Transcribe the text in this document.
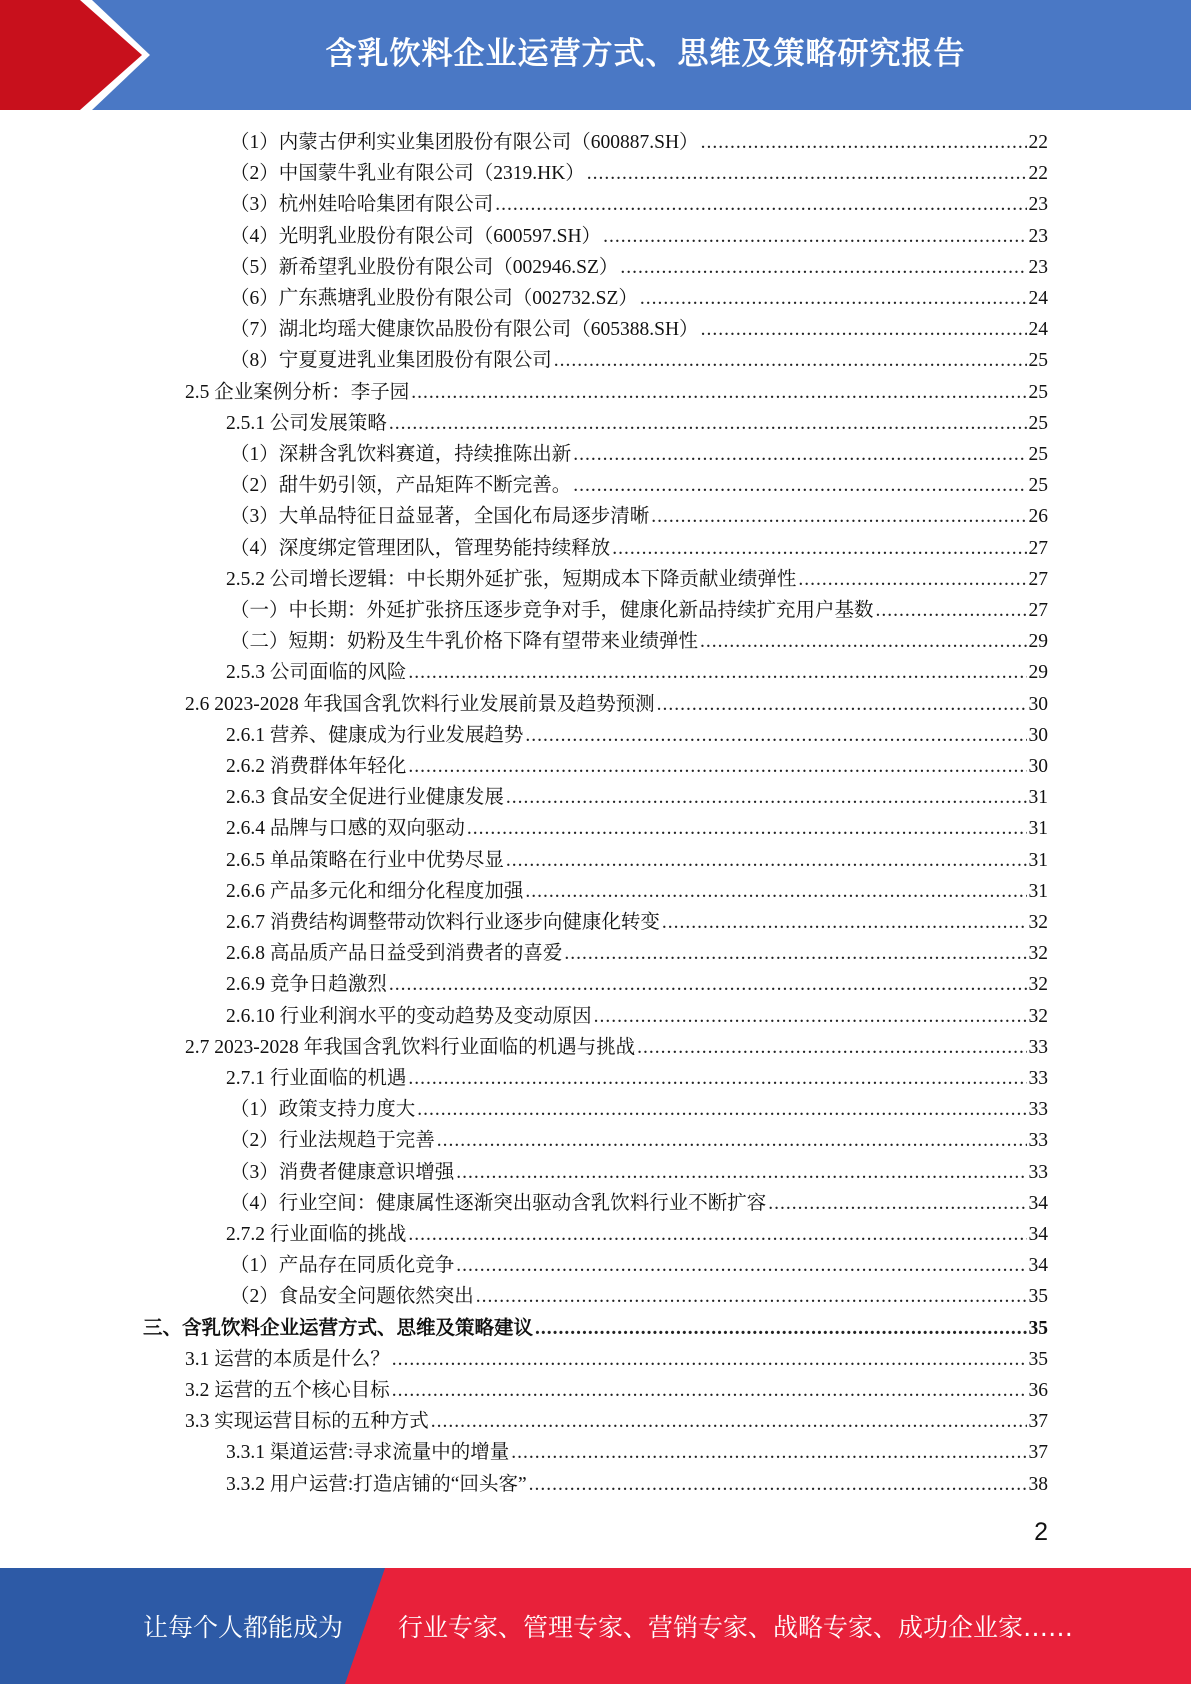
含乳饮料企业运营方式、思维及策略研究报告
（1）内蒙古伊利实业集团股份有限公司（600887.SH） .....	22
（2）中国蒙牛乳业有限公司（2319.HK） .....	22
（3）杭州娃哈哈集团有限公司 .....	23
（4）光明乳业股份有限公司（600597.SH） .....	23
（5）新希望乳业股份有限公司（002946.SZ） .....	23
（6）广东燕塘乳业股份有限公司（002732.SZ） .....	24
（7）湖北均瑶大健康饮品股份有限公司（605388.SH） .....	24
（8）宁夏夏进乳业集团股份有限公司 .....	25
2.5 企业案例分析：李子园 .....	25
2.5.1 公司发展策略 .....	25
（1）深耕含乳饮料赛道，持续推陈出新 .....	25
（2）甜牛奶引领，产品矩阵不断完善。 .....	25
（3）大单品特征日益显著，全国化布局逐步清晰 .....	26
（4）深度绑定管理团队，管理势能持续释放 .....	27
2.5.2 公司增长逻辑：中长期外延扩张，短期成本下降贡献业绩弹性 .....	27
（一）中长期：外延扩张挤压逐步竞争对手，健康化新品持续扩充用户基数 .....	27
（二）短期：奶粉及生牛乳价格下降有望带来业绩弹性 .....	29
2.5.3 公司面临的风险 .....	29
2.6 2023-2028 年我国含乳饮料行业发展前景及趋势预测 .....	30
2.6.1 营养、健康成为行业发展趋势 .....	30
2.6.2 消费群体年轻化 .....	30
2.6.3 食品安全促进行业健康发展 .....	31
2.6.4 品牌与口感的双向驱动 .....	31
2.6.5 单品策略在行业中优势尽显 .....	31
2.6.6 产品多元化和细分化程度加强 .....	31
2.6.7 消费结构调整带动饮料行业逐步向健康化转变 .....	32
2.6.8 高品质产品日益受到消费者的喜爱 .....	32
2.6.9 竞争日趋激烈 .....	32
2.6.10 行业利润水平的变动趋势及变动原因 .....	32
2.7 2023-2028 年我国含乳饮料行业面临的机遇与挑战 .....	33
2.7.1 行业面临的机遇 .....	33
（1）政策支持力度大 .....	33
（2）行业法规趋于完善 .....	33
（3）消费者健康意识增强 .....	33
（4）行业空间：健康属性逐渐突出驱动含乳饮料行业不断扩容 .....	34
2.7.2 行业面临的挑战 .....	34
（1）产品存在同质化竞争 .....	34
（2）食品安全问题依然突出 .....	35
三、含乳饮料企业运营方式、思维及策略建议 .....	35
3.1 运营的本质是什么？ .....	35
3.2 运营的五个核心目标 .....	36
3.3 实现运营目标的五种方式 .....	37
3.3.1 渠道运营:寻求流量中的增量 .....	37
3.3.2 用户运营:打造店铺的“回头客” .....	38
2
让每个人都能成为 行业专家、管理专家、营销专家、战略专家、成功企业家……
